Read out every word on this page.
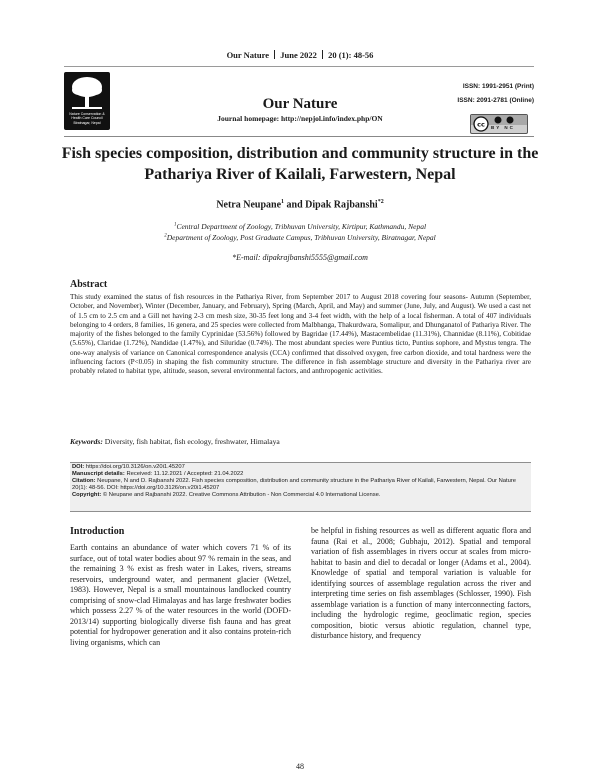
Our Nature June 2022 20 (1): 48-56
Nature Conservation & Health Care Council Biratnagar, Nepal
Our Nature
Journal homepage: http://nepjol.info/index.php/ON
ISSN: 1991-2951 (Print)
ISSN: 2091-2781 (Online)
cc BY NC
Fish species composition, distribution and community structure in the Pathariya River of Kailali, Farwestern, Nepal
Netra Neupane$^1$ and Dipak Rajbanshi$^{*2}$
$^1$Central Department of Zoology, Tribhuvan University, Kirtipur, Kathmandu, Nepal
$^2$Department of Zoology, Post Graduate Campus, Tribhuvan University, Biratnagar, Nepal
*E-mail: dipakrajbanshi5555@gmail.com
Abstract

This study examined the status of fish resources in the Pathariya River, from September 2017 to August 2018 covering four seasons- Autumn (September, October, and November), Winter (December, January, and February), Spring (March, April, and May) and summer (June, July, and August). We used a cast net of 1.5 cm to 2.5 cm and a Gill net having 2-3 cm mesh size, 30-35 feet long and 3-4 feet width, with the help of a local fisherman. A total of 407 individuals belonging to 4 orders, 8 families, 16 genera, and 25 species were collected from Malbhanga, Thakurdwara, Somalipur, and Dhunganatol of Pathariya River. The majority of the fishes belonged to the family Cyprinidae (53.56%) followed by Bagridae (17.44%), Mastacembelidae (11.31%), Channidae (8.11%), Cobitidae (5.65%), Claridae (1.72%), Nandidae (1.47%), and Siluridae (0.74%). The most abundant species were Puntius ticto, Puntius sophore, and Mystus tengra. The one-way analysis of variance on Canonical correspondence analysis (CCA) confirmed that dissolved oxygen, free carbon dioxide, and total hardness were the influencing factors (P<0.05) in shaping the fish community structure. The difference in fish assemblage structure and diversity in the Pathariya river are probably related to habitat type, altitude, season, several environmental factors, and anthropogenic activities.

Keywords: Diversity, fish habitat, fish ecology, freshwater, Himalaya

DOI: https://doi.org/10.3126/on.v20i1.45207

Manuscript details: Received: 11.12.2021 / Accepted: 21.04.2022

Citation: Neupane, N and D. Rajbanshi 2022. Fish species composition, distribution and community structure in the Pathariya River of Kailali, Farwestern, Nepal. Our Nature 20(1): 48-56. DOI: https://doi.org/10.3126/on.v20i1.45207

Copyright: © Neupane and Rajbanshi 2022. Creative Commons Attribution - Non Commercial 4.0 International License.

Introduction

Earth contains an abundance of water which covers 71 % of its surface, out of total water bodies about 97 % remain in the seas, and the remaining 3 % exist as fresh water in Lakes, rivers, streams reservoirs, underground water, and permanent glacier (Wetzel, 1983). However, Nepal is a small mountainous landlocked country comprising of snow-clad Himalayas and has large freshwater bodies which possess 2.27 % of the water resources in the world (DOFD-2013/14) supporting biologically diverse fish fauna and has great potential for hydropower generation and it also contains protein-rich living organisms, which can

be helpful in fishing resources as well as different aquatic flora and fauna (Rai et al., 2008; Gubhaju, 2012). Spatial and temporal variation of fish assemblages in rivers occur at scales from micro-habitat to basin and diel to decadal or longer (Adams et al., 2004). Knowledge of spatial and temporal variation is valuable for identifying sources of assemblage regulation across the river and interpreting time series on fish assemblages (Schlosser, 1990). Fish assemblage variation is a function of many interconnecting factors, including the hydrologic regime, geoclimatic region, species composition, biotic versus abiotic regulation, channel type, disturbance history, and frequency

48
